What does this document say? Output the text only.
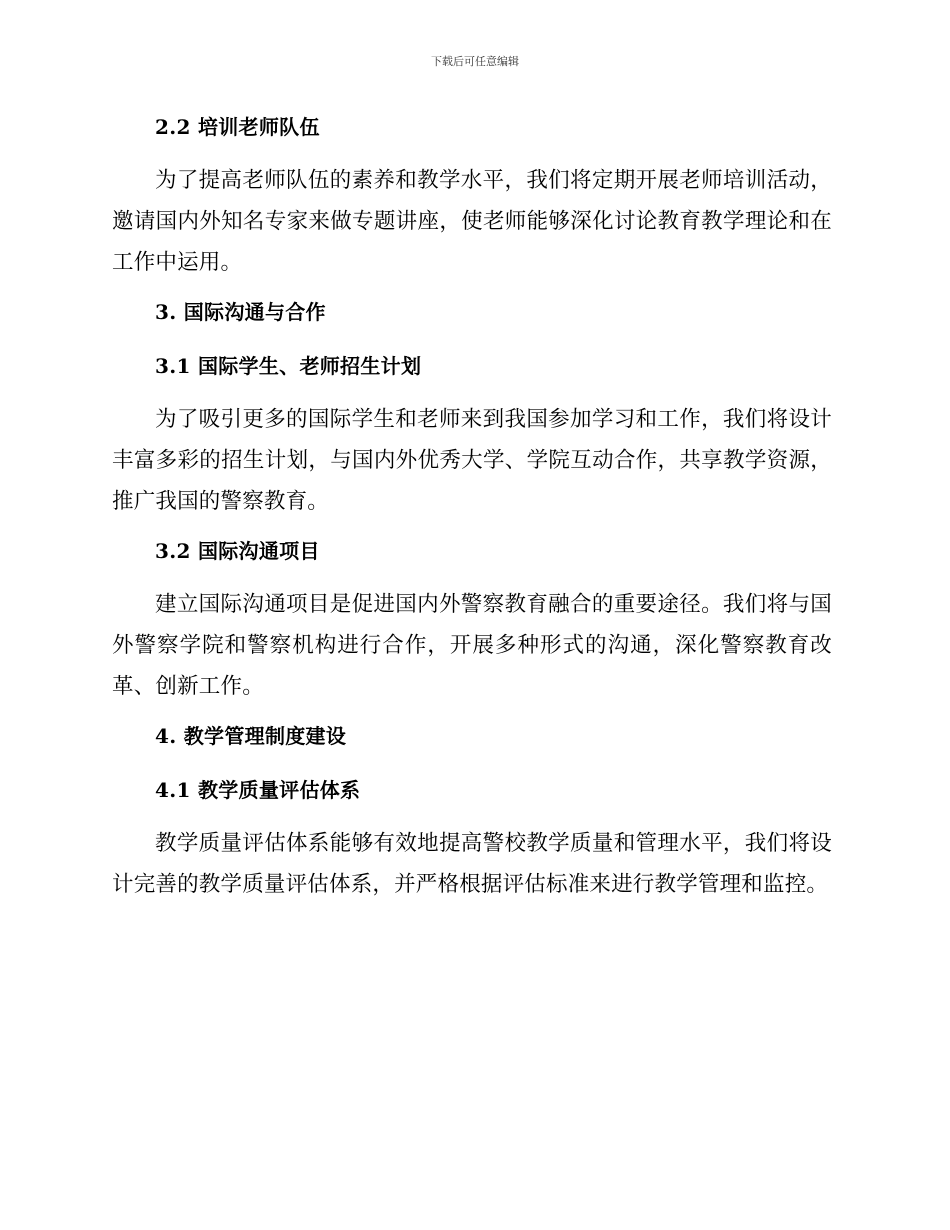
下载后可任意编辑
2.2 培训老师队伍

为了提高老师队伍的素养和教学水平，我们将定期开展老师培训活动，邀请国内外知名专家来做专题讲座，使老师能够深化讨论教育教学理论和在工作中运用。

3. 国际沟通与合作
3.1 国际学生、老师招生计划

为了吸引更多的国际学生和老师来到我国参加学习和工作，我们将设计丰富多彩的招生计划，与国内外优秀大学、学院互动合作，共享教学资源，推广我国的警察教育。

3.2 国际沟通项目

建立国际沟通项目是促进国内外警察教育融合的重要途径。我们将与国外警察学院和警察机构进行合作，开展多种形式的沟通，深化警察教育改革、创新工作。

4. 教学管理制度建设
4.1 教学质量评估体系

教学质量评估体系能够有效地提高警校教学质量和管理水平，我们将设计完善的教学质量评估体系，并严格根据评估标准来进行教学管理和监控。
